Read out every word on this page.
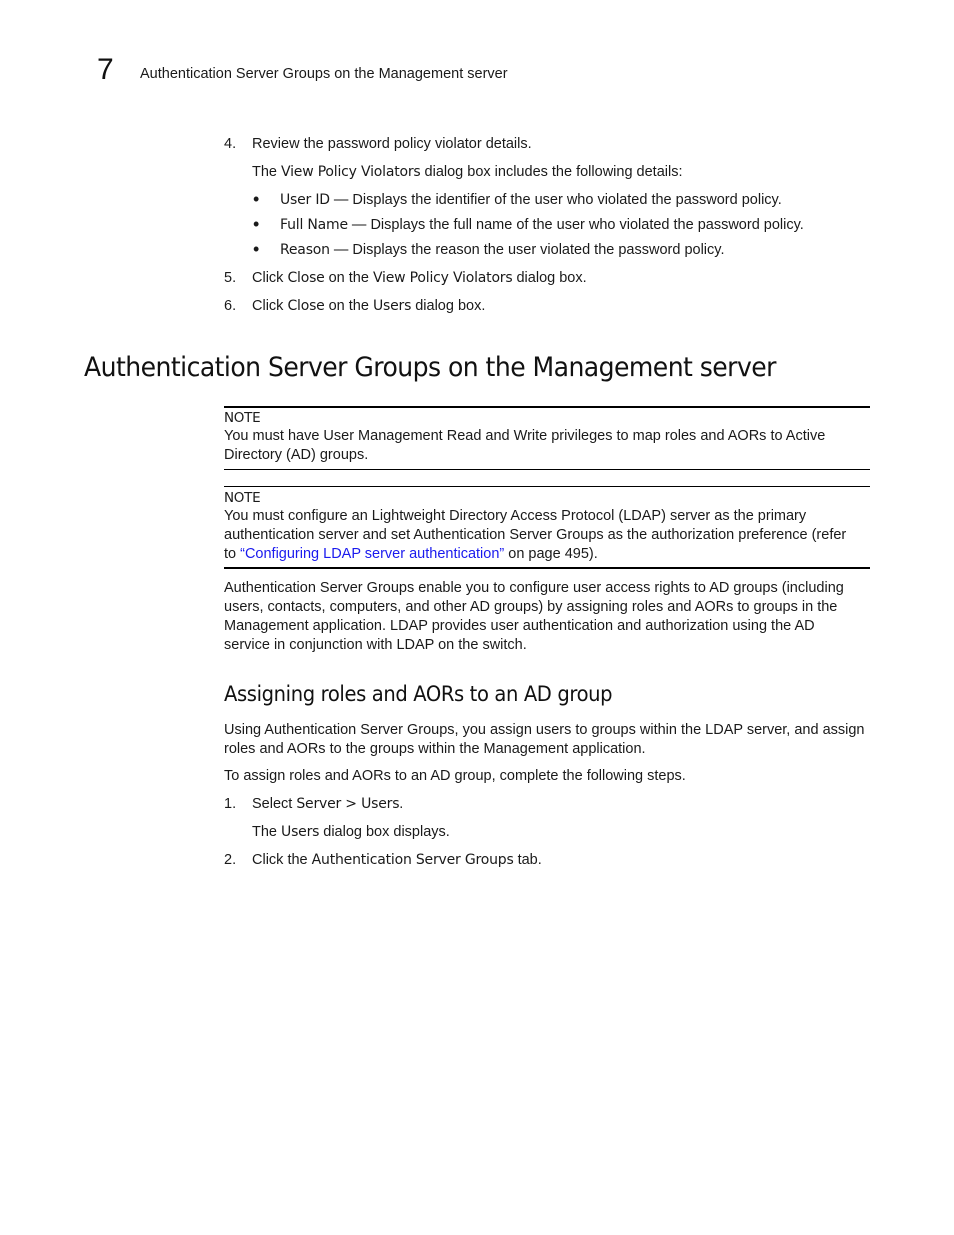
7 Authentication Server Groups on the Management server
4. Review the password policy violator details.
The View Policy Violators dialog box includes the following details:
• User ID — Displays the identifier of the user who violated the password policy.
• Full Name — Displays the full name of the user who violated the password policy.
• Reason — Displays the reason the user violated the password policy.
5. Click Close on the View Policy Violators dialog box.
6. Click Close on the Users dialog box.
Authentication Server Groups on the Management server
NOTE
You must have User Management Read and Write privileges to map roles and AORs to Active
Directory (AD) groups.
NOTE
You must configure an Lightweight Directory Access Protocol (LDAP) server as the primary
authentication server and set Authentication Server Groups as the authorization preference (refer
to “Configuring LDAP server authentication” on page 495).
Authentication Server Groups enable you to configure user access rights to AD groups (including
users, contacts, computers, and other AD groups) by assigning roles and AORs to groups in the
Management application. LDAP provides user authentication and authorization using the AD
service in conjunction with LDAP on the switch.
Assigning roles and AORs to an AD group
Using Authentication Server Groups, you assign users to groups within the LDAP server, and assign
roles and AORs to the groups within the Management application.
To assign roles and AORs to an AD group, complete the following steps.
1. Select Server > Users.
The Users dialog box displays.
2. Click the Authentication Server Groups tab.
